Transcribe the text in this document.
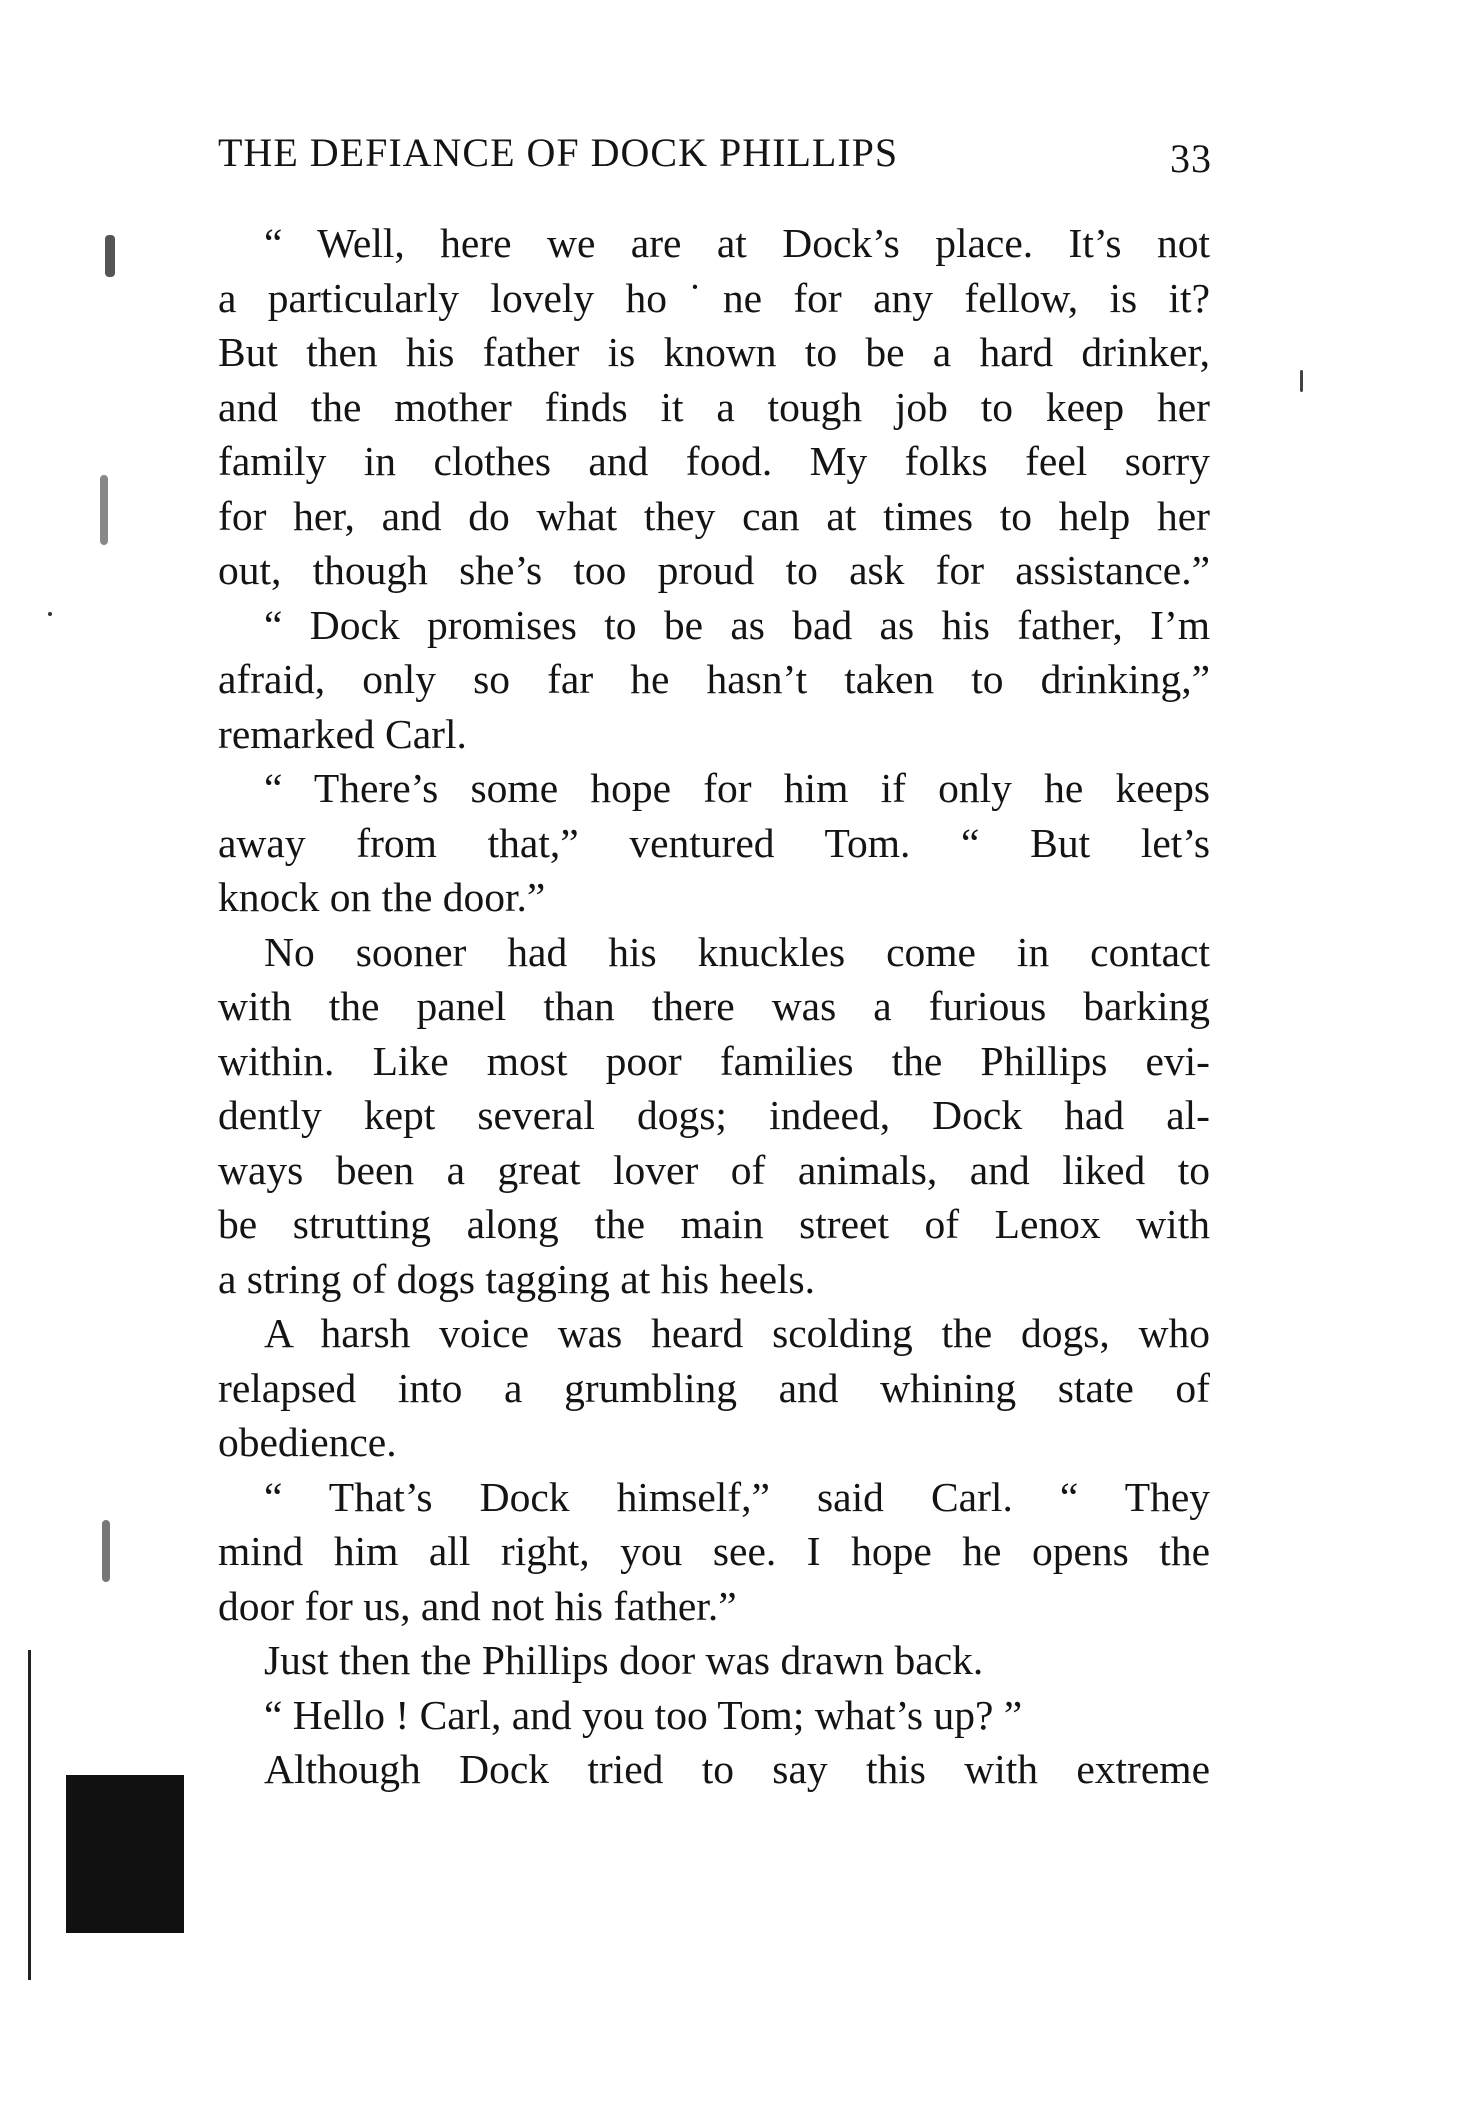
THE DEFIANCE OF DOCK PHILLIPS	33
“ Well, here we are at Dock’s place. It’s not
a particularly lovely ho˙ne for any fellow, is it?
But then his father is known to be a hard drinker,
and the mother finds it a tough job to keep her
family in clothes and food. My folks feel sorry
for her, and do what they can at times to help her
out, though she’s too proud to ask for assistance.”
“ Dock promises to be as bad as his father, I’m
afraid, only so far he hasn’t taken to drinking,”
remarked Carl.
“ There’s some hope for him if only he keeps
away from that,” ventured Tom. “ But let’s
knock on the door.”
No sooner had his knuckles come in contact
with the panel than there was a furious barking
within. Like most poor families the Phillips evi-
dently kept several dogs; indeed, Dock had al-
ways been a great lover of animals, and liked to
be strutting along the main street of Lenox with
a string of dogs tagging at his heels.
A harsh voice was heard scolding the dogs, who
relapsed into a grumbling and whining state of
obedience.
“ That’s Dock himself,” said Carl. “ They
mind him all right, you see. I hope he opens the
door for us, and not his father.”
Just then the Phillips door was drawn back.
“ Hello ! Carl, and you too Tom; what’s up? ”
Although Dock tried to say this with extreme
